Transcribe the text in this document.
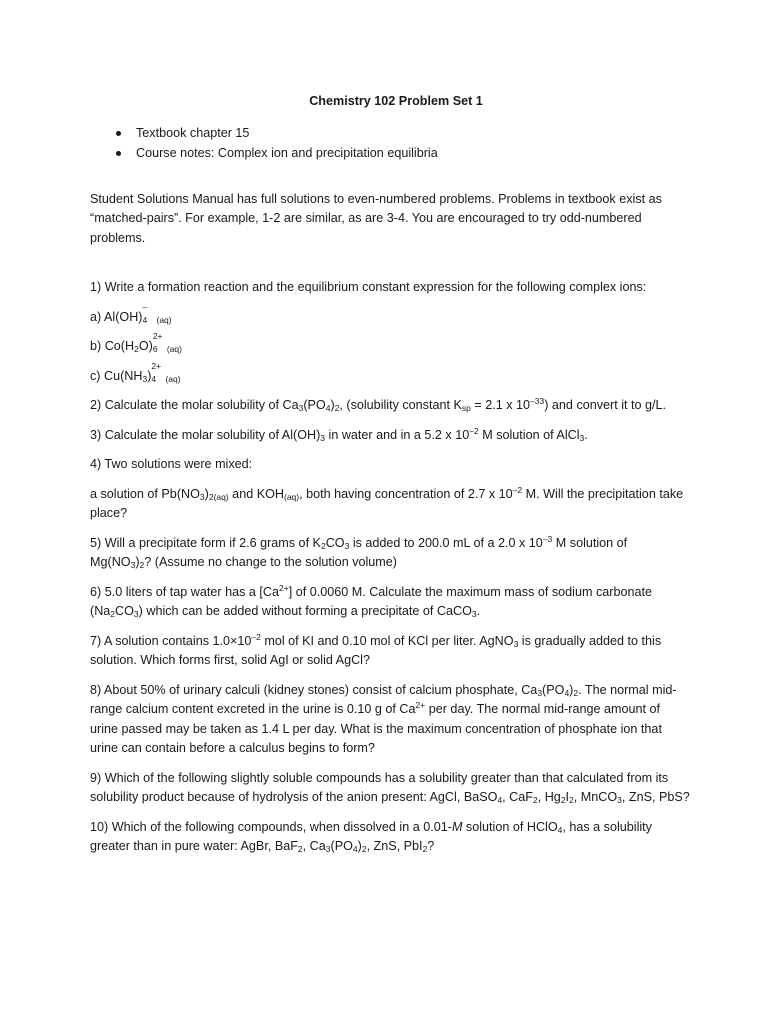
Chemistry 102 Problem Set 1
Textbook chapter 15
Course notes: Complex ion and precipitation equilibria

Student Solutions Manual has full solutions to even-numbered problems. Problems in textbook exist as “matched-pairs”. For example, 1-2 are similar, as are 3-4. You are encouraged to try odd-numbered problems.

1) Write a formation reaction and the equilibrium constant expression for the following complex ions:

a) Al(OH)
–
4 $_{(aq)}$

b) $Co(H_2O)$
2+
6 $_{(aq)}$

c) $Cu(NH_3)$
2+
4 $_{(aq)}$

2) Calculate the molar solubility of $Ca_3(PO_4)_2$, (solubility constant $K_{sp} = 2.1$ x $10^{-33}$) and convert it to g/L.

3) Calculate the molar solubility of $Al(OH)_3$ in water and in a 5.2 x $10^{-2}$ M solution of AlCl$_3$.

4) Two solutions were mixed:

a solution of $Pb(NO_3)_{2(aq)}$ and $KOH_{(aq)}$, both having concentration of 2.7 x $10^{-2}$ M. Will the precipitation take place?

5) Will a precipitate form if 2.6 grams of $K_2CO_3$ is added to 200.0 mL of a 2.0 x $10^{-3}$ M solution of $Mg(NO_3)_2$? (Assume no change to the solution volume)

6) 5.0 liters of tap water has a $[Ca^{2+}]$ of 0.0060 M. Calculate the maximum mass of sodium carbonate $(Na_2CO_3)$ which can be added without forming a precipitate of CaCO$_3$.

7) A solution contains $1.0\times 10^{-2}$ mol of KI and 0.10 mol of KCl per liter. AgNO$_3$ is gradually added to this solution. Which forms first, solid AgI or solid AgCl?

8) About 50% of urinary calculi (kidney stones) consist of calcium phosphate, $Ca_3(PO_4)_2$. The normal mid-range calcium content excreted in the urine is 0.10 g of $Ca^{2+}$ per day. The normal mid-range amount of urine passed may be taken as 1.4 L per day. What is the maximum concentration of phosphate ion that urine can contain before a calculus begins to form?

9) Which of the following slightly soluble compounds has a solubility greater than that calculated from its solubility product because of hydrolysis of the anion present: AgCl, BaSO$_4$, CaF$_2$, $Hg_2I_2$, MnCO$_3$, ZnS, PbS?

10) Which of the following compounds, when dissolved in a 0.01-M solution of HClO$_4$, has a solubility greater than in pure water: AgBr, BaF$_2$, $Ca_3(PO_4)_2$, ZnS, PbI$_2$?
